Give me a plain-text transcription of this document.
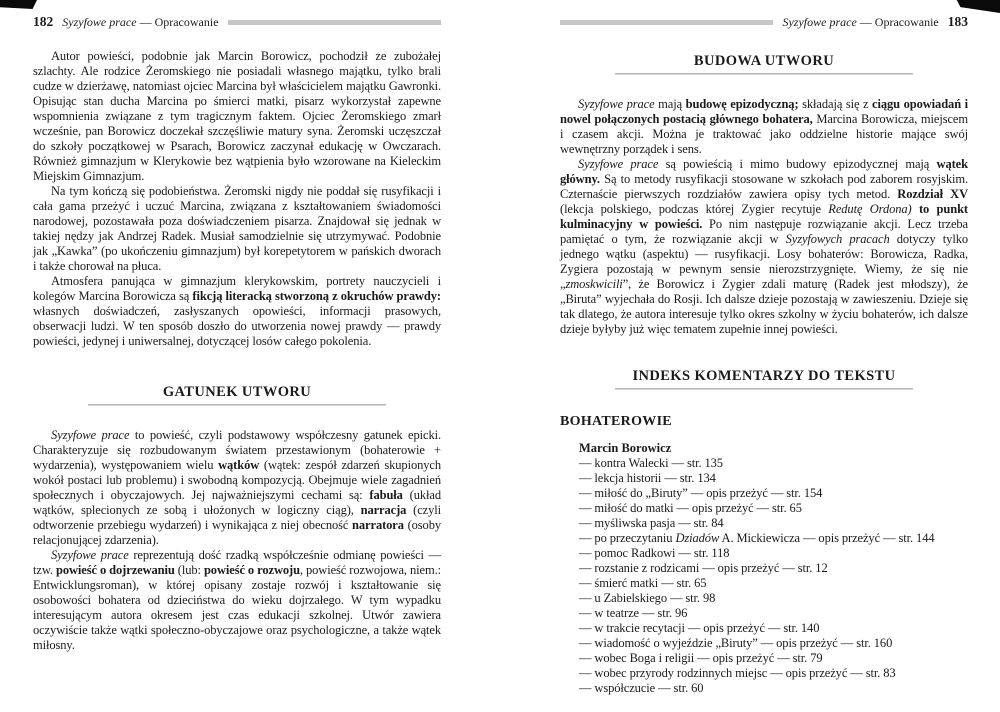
182 Syzyfowe prace — Opracowanie

Autor powieści, podobnie jak Marcin Borowicz, pochodził ze zubożałej szlachty. Ale rodzice Żeromskiego nie posiadali własnego majątku, tylko brali cudze w dzierżawę, natomiast ojciec Marcina był właścicielem majątku Gawronki. Opisując stan ducha Marcina po śmierci matki, pisarz wykorzystał zapewne wspomnienia związane z tym tragicznym faktem. Ojciec Żeromskiego zmarł wcześnie, pan Borowicz doczekał szczęśliwie matury syna. Żeromski uczęszczał do szkoły początkowej w Psarach, Borowicz zaczynał edukację w Owczarach. Również gimnazjum w Klerykowie bez wątpienia było wzorowane na Kieleckim Miejskim Gimnazjum.

Na tym kończą się podobieństwa. Żeromski nigdy nie poddał się rusyfikacji i cała gama przeżyć i uczuć Marcina, związana z kształtowaniem świadomości narodowej, pozostawała poza doświadczeniem pisarza. Znajdował się jednak w takiej nędzy jak Andrzej Radek. Musiał samodzielnie się utrzymywać. Podobnie jak „Kawka” (po ukończeniu gimnazjum) był korepetytorem w pańskich dworach i także chorował na płuca.

Atmosfera panująca w gimnazjum klerykowskim, portrety nauczycieli i kolegów Marcina Borowicza są fikcją literacką stworzoną z okruchów prawdy: własnych doświadczeń, zasłyszanych opowieści, informacji prasowych, obserwacji ludzi. W ten sposób doszło do utworzenia nowej prawdy — prawdy powieści, jedynej i uniwersalnej, dotyczącej losów całego pokolenia.

GATUNEK UTWORU

Syzyfowe prace to powieść, czyli podstawowy współczesny gatunek epicki. Charakteryzuje się rozbudowanym światem przestawionym (bohaterowie + wydarzenia), występowaniem wielu wątków (wątek: zespół zdarzeń skupionych wokół postaci lub problemu) i swobodną kompozycją. Obejmuje wiele zagadnień społecznych i obyczajowych. Jej najważniejszymi cechami są: fabuła (układ wątków, splecionych ze sobą i ułożonych w logiczny ciąg), narracja (czyli odtworzenie przebiegu wydarzeń) i wynikająca z niej obecność narratora (osoby relacjonującej zdarzenia).

Syzyfowe prace reprezentują dość rzadką współcześnie odmianę powieści — tzw. powieść o dojrzewaniu (lub: powieść o rozwoju, powieść rozwojowa, niem.: Entwicklungsroman), w której opisany zostaje rozwój i kształtowanie się osobowości bohatera od dzieciństwa do wieku dojrzałego. W tym wypadku interesującym autora okresem jest czas edukacji szkolnej. Utwór zawiera oczywiście także wątki społeczno-obyczajowe oraz psychologiczne, a także wątek miłosny.

Syzyfowe prace — Opracowanie 183
BUDOWA UTWORU

Syzyfowe prace mają budowę epizodyczną; składają się z ciągu opowiadań i nowel połączonych postacią głównego bohatera, Marcina Borowicza, miejscem i czasem akcji. Można je traktować jako oddzielne historie mające swój wewnętrzny porządek i sens.

Syzyfowe prace są powieścią i mimo budowy epizodycznej mają wątek główny. Są to metody rusyfikacji stosowane w szkołach pod zaborem rosyjskim. Czternaście pierwszych rozdziałów zawiera opisy tych metod. Rozdział XV (lekcja polskiego, podczas której Zygier recytuje Redutę Ordona) to punkt kulminacyjny w powieści. Po nim następuje rozwiązanie akcji. Lecz trzeba pamiętać o tym, że rozwiązanie akcji w Syzyfowych pracach dotyczy tylko jednego wątku (aspektu) — rusyfikacji. Losy bohaterów: Borowicza, Radka, Zygiera pozostają w pewnym sensie nierozstrzygnięte. Wiemy, że się nie „zmoskwicili”, że Borowicz i Zygier zdali maturę (Radek jest młodszy), że „Biruta” wyjechała do Rosji. Ich dalsze dzieje pozostają w zawieszeniu. Dzieje się tak dlatego, że autora interesuje tylko okres szkolny w życiu bohaterów, ich dalsze dzieje byłyby już więc tematem zupełnie innej powieści.

INDEKS KOMENTARZY DO TEKSTU
BOHATEROWIE
Marcin Borowicz
— kontra Walecki — str. 135
— lekcja historii — str. 134
— miłość do „Biruty” — opis przeżyć — str. 154
— miłość do matki — opis przeżyć — str. 65
— myśliwska pasja — str. 84
— po przeczytaniu Dziadów A. Mickiewicza — opis przeżyć — str. 144
— pomoc Radkowi — str. 118
— rozstanie z rodzicami — opis przeżyć — str. 12
— śmierć matki — str. 65
— u Zabielskiego — str. 98
— w teatrze — str. 96
— w trakcie recytacji — opis przeżyć — str. 140
— wiadomość o wyjeździe „Biruty” — opis przeżyć — str. 160
— wobec Boga i religii — opis przeżyć — str. 79
— wobec przyrody rodzinnych miejsc — opis przeżyć — str. 83
— współczucie — str. 60
